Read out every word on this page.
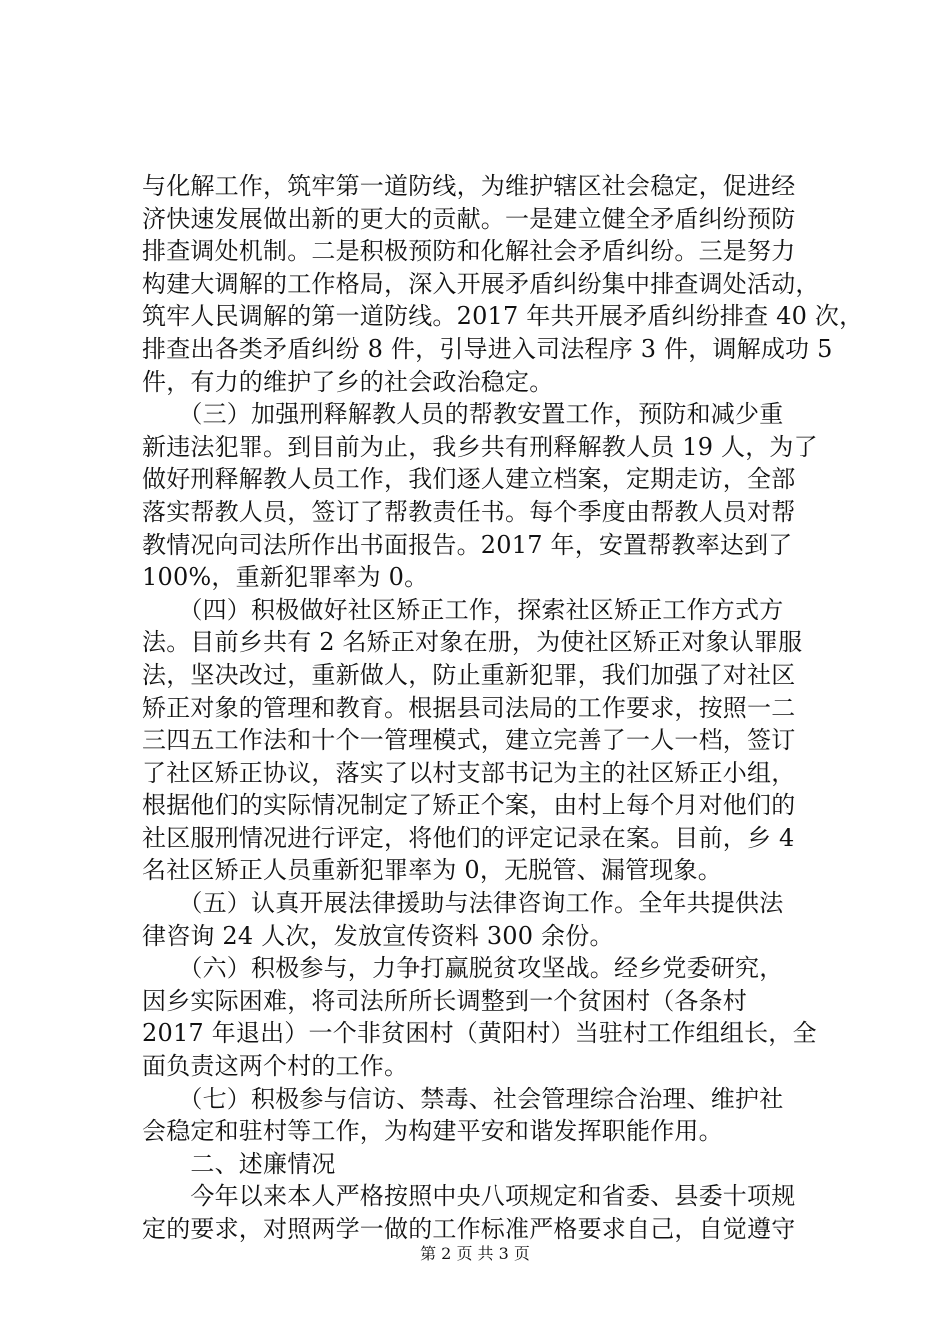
与化解工作，筑牢第一道防线，为维护辖区社会稳定，促进经
济快速发展做出新的更大的贡献。一是建立健全矛盾纠纷预防
排查调处机制。二是积极预防和化解社会矛盾纠纷。三是努力
构建大调解的工作格局，深入开展矛盾纠纷集中排查调处活动，
筑牢人民调解的第一道防线。2017 年共开展矛盾纠纷排查 40 次，
排查出各类矛盾纠纷 8 件，引导进入司法程序 3 件，调解成功 5
件，有力的维护了乡的社会政治稳定。
　　（三）加强刑释解教人员的帮教安置工作，预防和减少重
新违法犯罪。到目前为止，我乡共有刑释解教人员 19 人，为了
做好刑释解教人员工作，我们逐人建立档案，定期走访，全部
落实帮教人员，签订了帮教责任书。每个季度由帮教人员对帮
教情况向司法所作出书面报告。2017 年，安置帮教率达到了
100%，重新犯罪率为 0。
　　（四）积极做好社区矫正工作，探索社区矫正工作方式方
法。目前乡共有 2 名矫正对象在册，为使社区矫正对象认罪服
法，坚决改过，重新做人，防止重新犯罪，我们加强了对社区
矫正对象的管理和教育。根据县司法局的工作要求，按照一二
三四五工作法和十个一管理模式，建立完善了一人一档，签订
了社区矫正协议，落实了以村支部书记为主的社区矫正小组，
根据他们的实际情况制定了矫正个案，由村上每个月对他们的
社区服刑情况进行评定，将他们的评定记录在案。目前，乡 4
名社区矫正人员重新犯罪率为 0，无脱管、漏管现象。
　　（五）认真开展法律援助与法律咨询工作。全年共提供法
律咨询 24 人次，发放宣传资料 300 余份。
　　（六）积极参与，力争打赢脱贫攻坚战。经乡党委研究，
因乡实际困难，将司法所所长调整到一个贫困村（各条村
2017 年退出）一个非贫困村（黄阳村）当驻村工作组组长，全
面负责这两个村的工作。
　　（七）积极参与信访、禁毒、社会管理综合治理、维护社
会稳定和驻村等工作，为构建平安和谐发挥职能作用。
　　二、述廉情况
　　今年以来本人严格按照中央八项规定和省委、县委十项规
定的要求，对照两学一做的工作标准严格要求自己，自觉遵守
第 2 页 共 3 页
